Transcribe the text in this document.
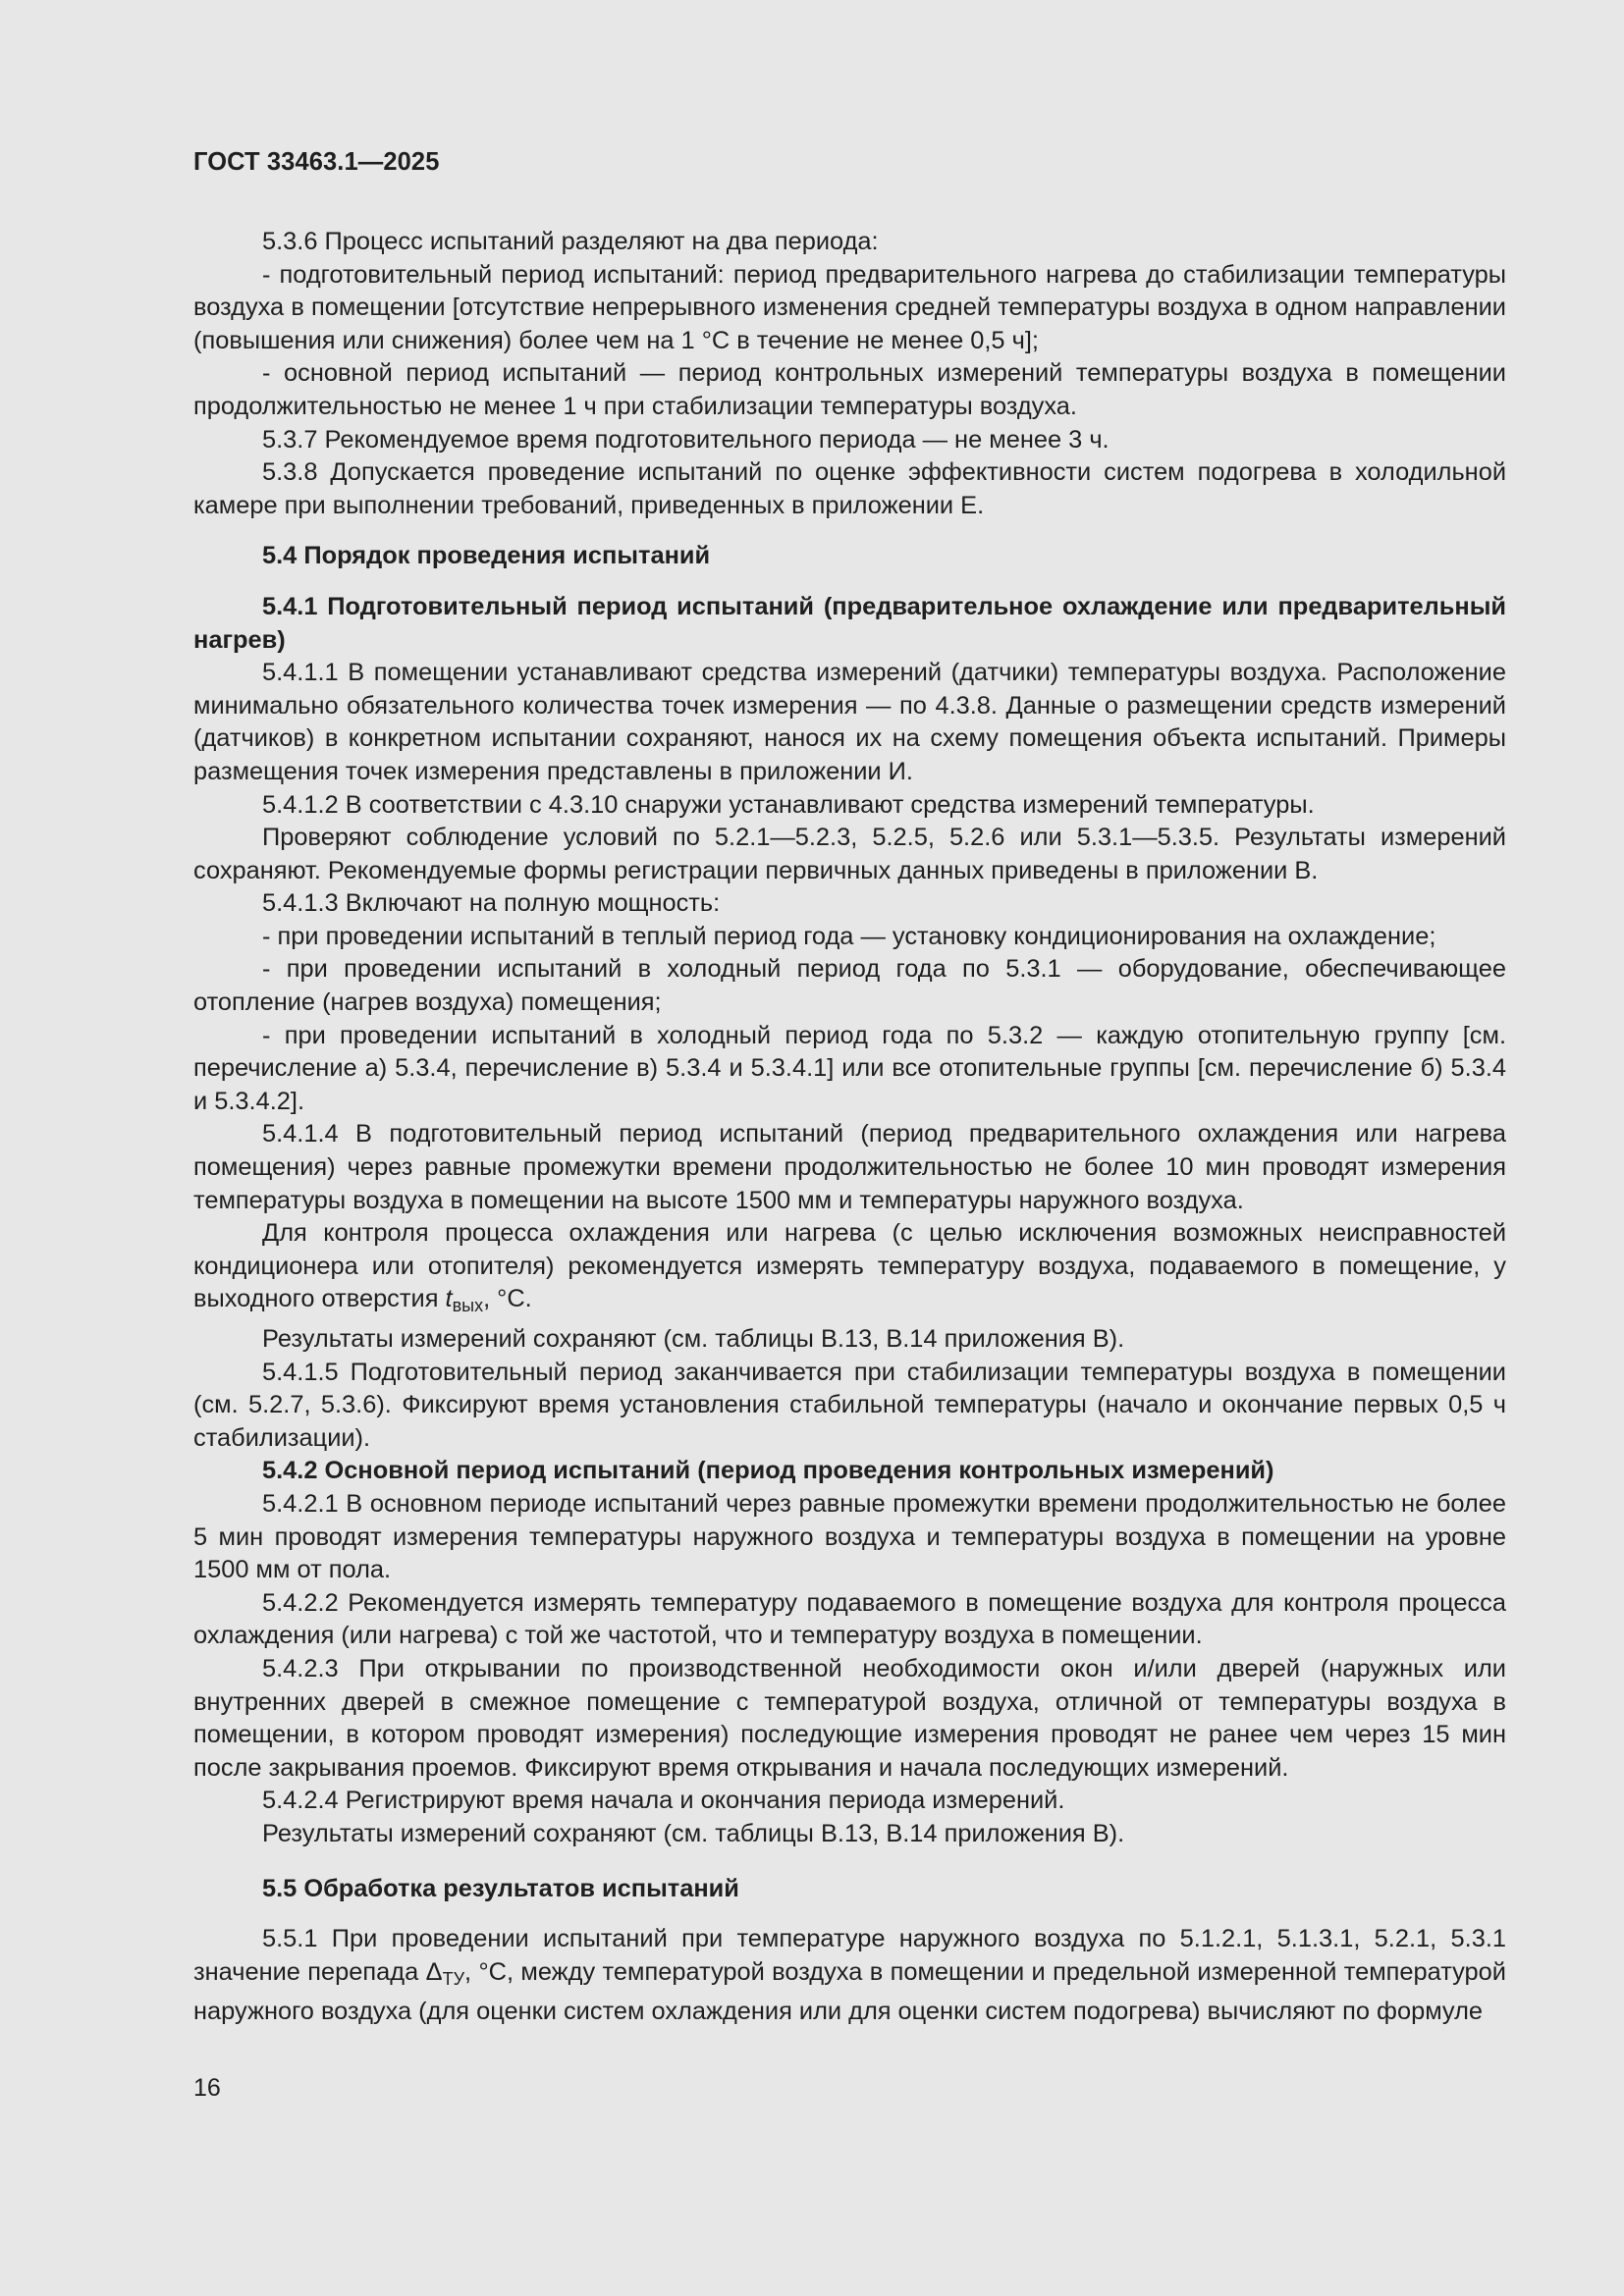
ГОСТ 33463.1—2025

5.3.6 Процесс испытаний разделяют на два периода:

- подготовительный период испытаний: период предварительного нагрева до стабилизации температуры воздуха в помещении [отсутствие непрерывного изменения средней температуры воздуха в одном направлении (повышения или снижения) более чем на 1 °С в течение не менее 0,5 ч];

- основной период испытаний — период контрольных измерений температуры воздуха в помещении продолжительностью не менее 1 ч при стабилизации температуры воздуха.

5.3.7 Рекомендуемое время подготовительного периода — не менее 3 ч.

5.3.8 Допускается проведение испытаний по оценке эффективности систем подогрева в холодильной камере при выполнении требований, приведенных в приложении Е.

5.4 Порядок проведения испытаний

5.4.1 Подготовительный период испытаний (предварительное охлаждение или предварительный нагрев)

5.4.1.1 В помещении устанавливают средства измерений (датчики) температуры воздуха. Расположение минимально обязательного количества точек измерения — по 4.3.8. Данные о размещении средств измерений (датчиков) в конкретном испытании сохраняют, нанося их на схему помещения объекта испытаний. Примеры размещения точек измерения представлены в приложении И.

5.4.1.2 В соответствии с 4.3.10 снаружи устанавливают средства измерений температуры.

Проверяют соблюдение условий по 5.2.1—5.2.3, 5.2.5, 5.2.6 или 5.3.1—5.3.5. Результаты измерений сохраняют. Рекомендуемые формы регистрации первичных данных приведены в приложении В.

5.4.1.3 Включают на полную мощность:

- при проведении испытаний в теплый период года — установку кондиционирования на охлаждение;

- при проведении испытаний в холодный период года по 5.3.1 — оборудование, обеспечивающее отопление (нагрев воздуха) помещения;

- при проведении испытаний в холодный период года по 5.3.2 — каждую отопительную группу [см. перечисление а) 5.3.4, перечисление в) 5.3.4 и 5.3.4.1] или все отопительные группы [см. перечисление б) 5.3.4 и 5.3.4.2].

5.4.1.4 В подготовительный период испытаний (период предварительного охлаждения или нагрева помещения) через равные промежутки времени продолжительностью не более 10 мин проводят измерения температуры воздуха в помещении на высоте 1500 мм и температуры наружного воздуха.

Для контроля процесса охлаждения или нагрева (с целью исключения возможных неисправностей кондиционера или отопителя) рекомендуется измерять температуру воздуха, подаваемого в помещение, у выходного отверстия $t_{вых}$, °С.

Результаты измерений сохраняют (см. таблицы В.13, В.14 приложения В).

5.4.1.5 Подготовительный период заканчивается при стабилизации температуры воздуха в помещении (см. 5.2.7, 5.3.6). Фиксируют время установления стабильной температуры (начало и окончание первых 0,5 ч стабилизации).

5.4.2 Основной период испытаний (период проведения контрольных измерений)

5.4.2.1 В основном периоде испытаний через равные промежутки времени продолжительностью не более 5 мин проводят измерения температуры наружного воздуха и температуры воздуха в помещении на уровне 1500 мм от пола.

5.4.2.2 Рекомендуется измерять температуру подаваемого в помещение воздуха для контроля процесса охлаждения (или нагрева) с той же частотой, что и температуру воздуха в помещении.

5.4.2.3 При открывании по производственной необходимости окон и/или дверей (наружных или внутренних дверей в смежное помещение с температурой воздуха, отличной от температуры воздуха в помещении, в котором проводят измерения) последующие измерения проводят не ранее чем через 15 мин после закрывания проемов. Фиксируют время открывания и начала последующих измерений.

5.4.2.4 Регистрируют время начала и окончания периода измерений.

Результаты измерений сохраняют (см. таблицы В.13, В.14 приложения В).

5.5 Обработка результатов испытаний

5.5.1 При проведении испытаний при температуре наружного воздуха по 5.1.2.1, 5.1.3.1, 5.2.1, 5.3.1 значение перепада $\Delta_{ТУ}$, °С, между температурой воздуха в помещении и предельной измеренной температурой наружного воздуха (для оценки систем охлаждения или для оценки систем подогрева) вычисляют по формуле

16
